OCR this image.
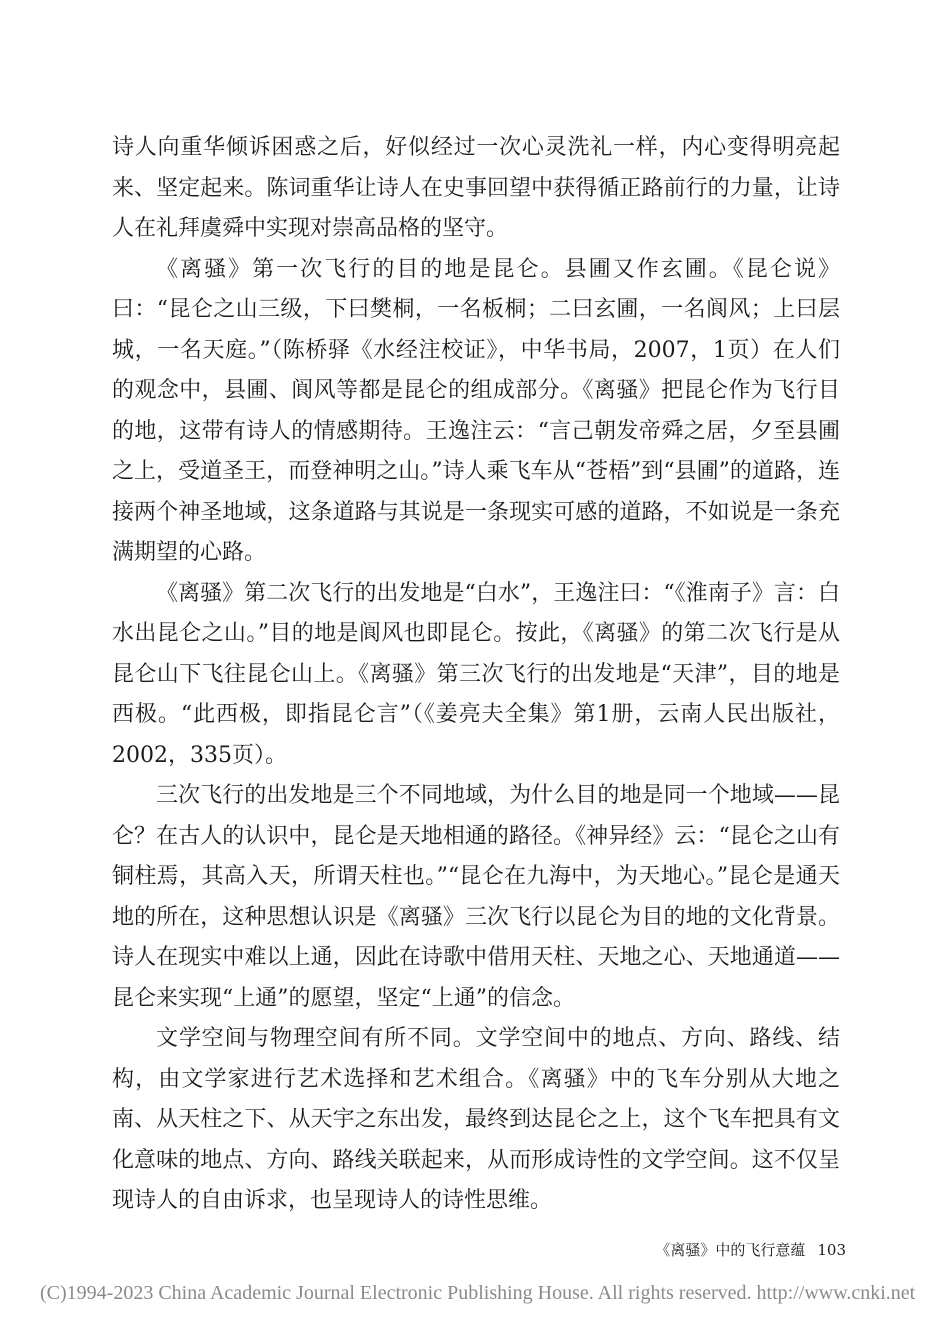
诗人向重华倾诉困惑之后，好似经过一次心灵洗礼一样，内心变得明亮起来、坚定起来。陈词重华让诗人在史事回望中获得循正路前行的力量，让诗人在礼拜虞舜中实现对崇高品格的坚守。

《离骚》第一次飞行的目的地是昆仑。县圃又作玄圃。《昆仑说》曰：“昆仑之山三级，下曰樊桐，一名板桐；二曰玄圃，一名阆风；上曰层城，一名天庭。”（陈桥驿《水经注校证》，中华书局，2007，1页）在人们的观念中，县圃、阆风等都是昆仑的组成部分。《离骚》把昆仑作为飞行目的地，这带有诗人的情感期待。王逸注云：“言己朝发帝舜之居，夕至县圃之上，受道圣王，而登神明之山。”诗人乘飞车从“苍梧”到“县圃”的道路，连接两个神圣地域，这条道路与其说是一条现实可感的道路，不如说是一条充满期望的心路。

《离骚》第二次飞行的出发地是“白水”，王逸注曰：“《淮南子》言：白水出昆仑之山。”目的地是阆风也即昆仑。按此，《离骚》的第二次飞行是从昆仑山下飞往昆仑山上。《离骚》第三次飞行的出发地是“天津”，目的地是西极。“此西极，即指昆仑言”（《姜亮夫全集》第1册，云南人民出版社，2002，335页）。

三次飞行的出发地是三个不同地域，为什么目的地是同一个地域——昆仑？在古人的认识中，昆仑是天地相通的路径。《神异经》云：“昆仑之山有铜柱焉，其高入天，所谓天柱也。”“昆仑在九海中，为天地心。”昆仑是通天地的所在，这种思想认识是《离骚》三次飞行以昆仑为目的地的文化背景。诗人在现实中难以上通，因此在诗歌中借用天柱、天地之心、天地通道——昆仑来实现“上通”的愿望，坚定“上通”的信念。

文学空间与物理空间有所不同。文学空间中的地点、方向、路线、结构，由文学家进行艺术选择和艺术组合。《离骚》中的飞车分别从大地之南、从天柱之下、从天宇之东出发，最终到达昆仑之上，这个飞车把具有文化意味的地点、方向、路线关联起来，从而形成诗性的文学空间。这不仅呈现诗人的自由诉求，也呈现诗人的诗性思维。

《离骚》中的飞行意蕴 103
(C)1994-2023 China Academic Journal Electronic Publishing House. All rights reserved. http://www.cnki.net
